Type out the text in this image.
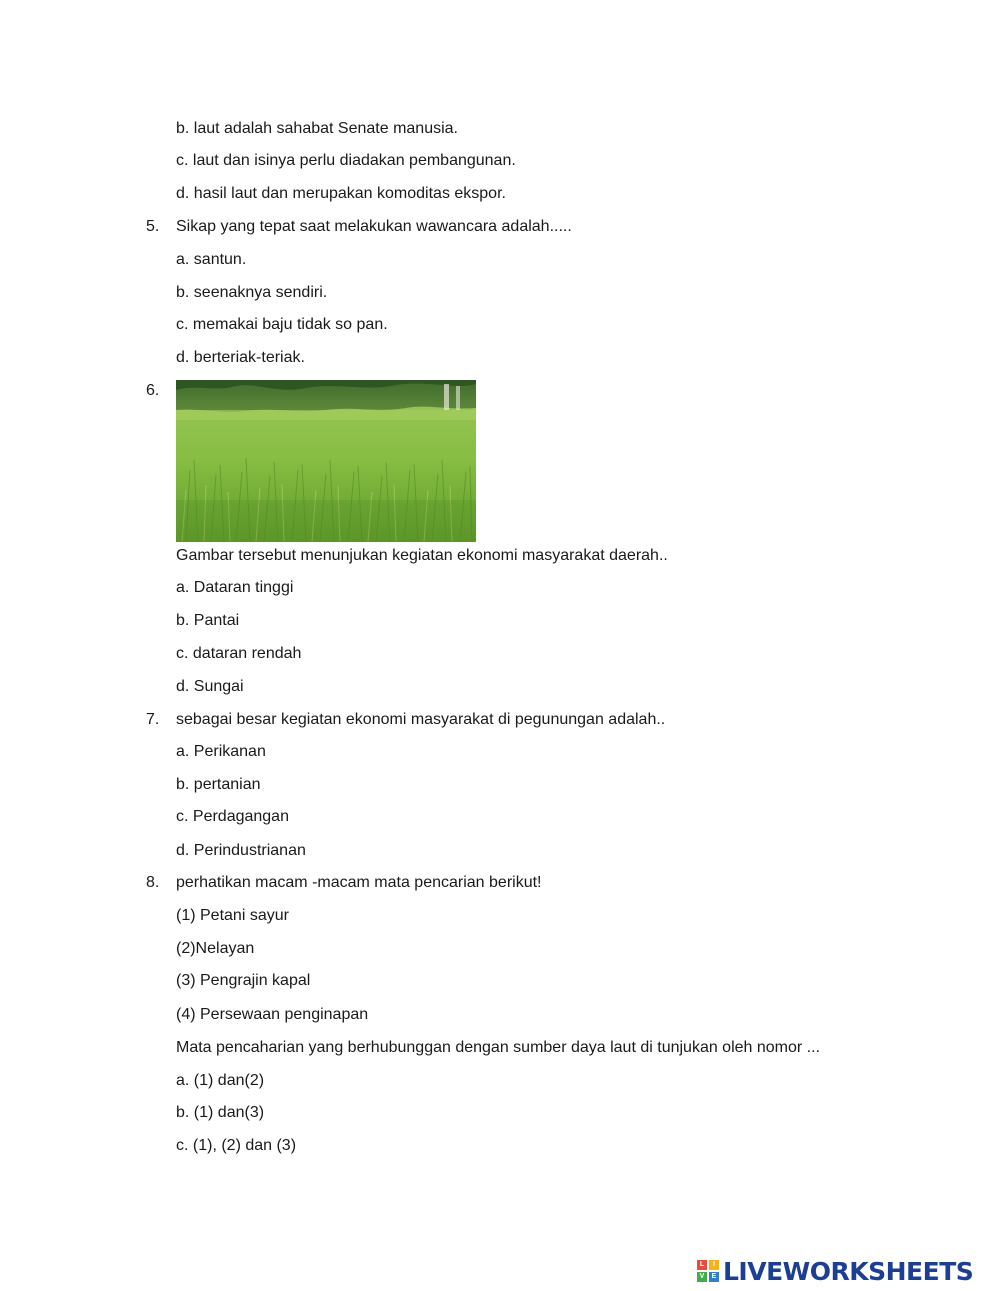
b. laut adalah sahabat Senate manusia.
c. laut dan isinya perlu diadakan pembangunan.
d. hasil laut dan merupakan komoditas ekspor.
5. Sikap yang tepat saat melakukan wawancara adalah.....
a. santun.
b. seenaknya sendiri.
c. memakai baju tidak so pan.
d. berteriak-teriak.
6.
Gambar tersebut menunjukan kegiatan ekonomi masyarakat daerah..
a. Dataran tinggi
b. Pantai
c. dataran rendah
d. Sungai
7. sebagai besar kegiatan ekonomi masyarakat di pegunungan adalah..
a. Perikanan
b. pertanian
c. Perdagangan
d. Perindustrianan
8. perhatikan macam -macam mata pencarian berikut!
(1) Petani sayur
(2)Nelayan
(3) Pengrajin kapal
(4) Persewaan penginapan
Mata pencaharian yang berhubunggan dengan sumber daya laut di tunjukan oleh nomor ...
a. (1) dan(2)
b. (1) dan(3)
c. (1), (2) dan (3)
L	I
V	E LIVEWORKSHEETS
